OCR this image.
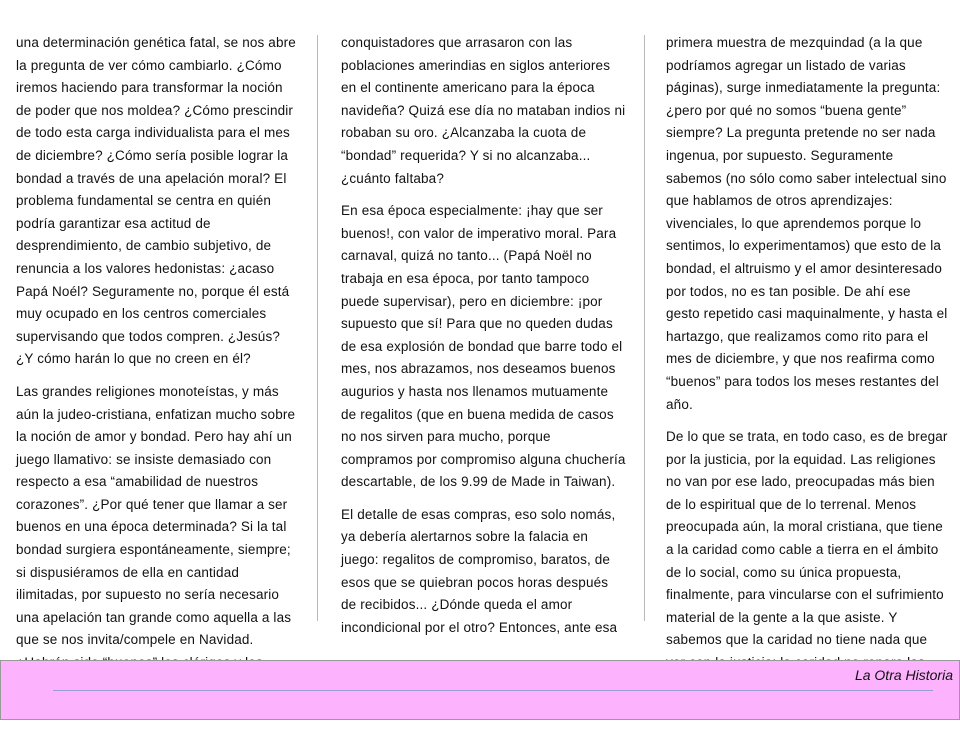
una determinación genética fatal, se nos abre la pregunta de ver cómo cambiarlo. ¿Cómo iremos haciendo para transformar la noción de poder que nos moldea? ¿Cómo prescindir de todo esta carga individualista para el mes de diciembre? ¿Cómo sería posible lograr la bondad a través de una apelación moral? El problema fundamental se centra en quién podría garantizar esa actitud de desprendimiento, de cambio subjetivo, de renuncia a los valores hedonistas: ¿acaso Papá Noél? Seguramente no, porque él está muy ocupado en los centros comerciales supervisando que todos compren. ¿Jesús? ¿Y cómo harán lo que no creen en él?

Las grandes religiones monoteístas, y más aún la judeo-cristiana, enfatizan mucho sobre la noción de amor y bondad. Pero hay ahí un juego llamativo: se insiste demasiado con respecto a esa “amabilidad de nuestros corazones”. ¿Por qué tener que llamar a ser buenos en una época determinada? Si la tal bondad surgiera espontáneamente, siempre; si dispusiéramos de ella en cantidad ilimitadas, por supuesto no sería necesario una apelación tan grande como aquella a las que se nos invita/compele en Navidad.

conquistadores que arrasaron con las poblaciones amerindias en siglos anteriores en el continente americano para la época navideña? Quizá ese día no mataban indios ni robaban su oro. ¿Alcanzaba la cuota de “bondad” requerida? Y si no alcanzaba... ¿cuánto faltaba?

En esa época especialmente: ¡hay que ser buenos!, con valor de imperativo moral. Para carnaval, quizá no tanto... (Papá Noël no trabaja en esa época, por tanto tampoco puede supervisar), pero en diciembre: ¡por supuesto que sí! Para que no queden dudas de esa explosión de bondad que barre todo el mes, nos abrazamos, nos deseamos buenos augurios y hasta nos llenamos mutuamente de regalitos (que en buena medida de casos no nos sirven para mucho, porque compramos por compromiso alguna chuchería descartable, de los 9.99 de Made in Taiwan).

El detalle de esas compras, eso solo nomás, ya debería alertarnos sobre la falacia en juego: regalitos de compromiso, baratos, de esos que se quiebran pocos horas después de recibidos... ¿Dónde queda el amor incondicional por el otro? Entonces, ante esa

primera muestra de mezquindad (a la que podríamos agregar un listado de varias páginas), surge inmediatamente la pregunta: ¿pero por qué no somos “buena gente” siempre? La pregunta pretende no ser nada ingenua, por supuesto. Seguramente sabemos (no sólo como saber intelectual sino que hablamos de otros aprendizajes: vivenciales, lo que aprendemos porque lo sentimos, lo experimentamos) que esto de la bondad, el altruismo y el amor desinteresado por todos, no es tan posible. De ahí ese gesto repetido casi maquinalmente, y hasta el hartazgo, que realizamos como rito para el mes de diciembre, y que nos reafirma como “buenos” para todos los meses restantes del año.

De lo que se trata, en todo caso, es de bregar por la justicia, por la equidad. Las religiones no van por ese lado, preocupadas más bien de lo espiritual que de lo terrenal. Menos preocupada aún, la moral cristiana, que tiene a la caridad como cable a tierra en el ámbito de lo social, como su única propuesta, finalmente, para vincularse con el sufrimiento material de la gente a la que asiste. Y sabemos que la caridad no tiene nada que

La Otra Historia
